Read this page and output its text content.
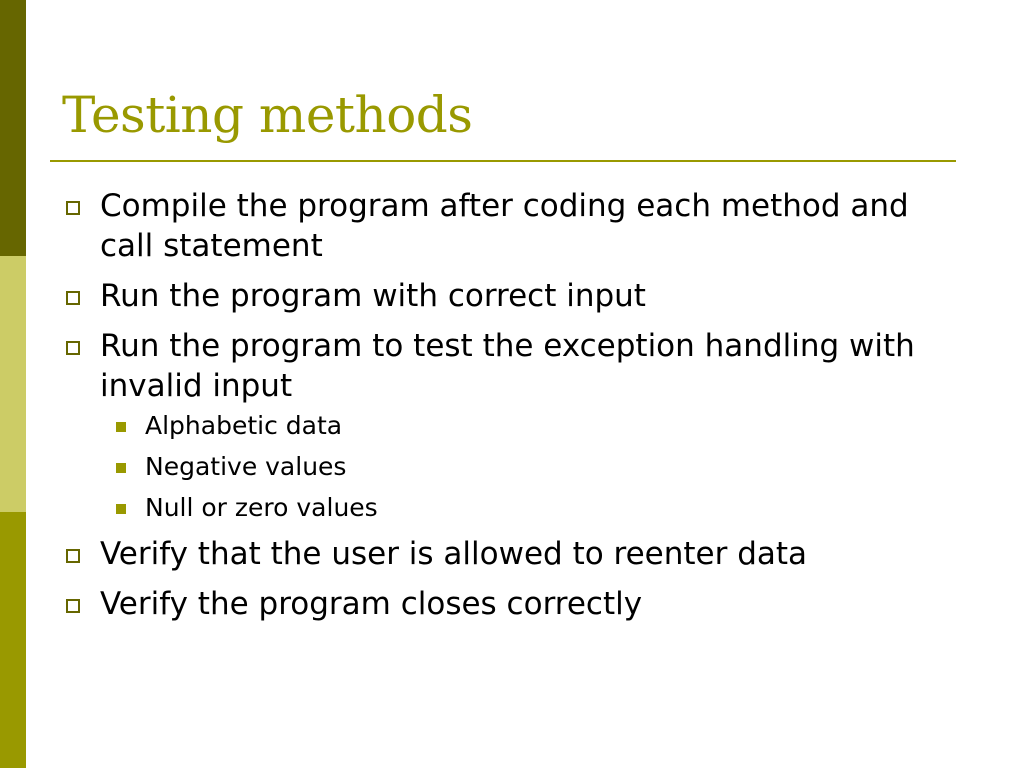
Testing methods
Compile the program after coding each method and call statement
Run the program with correct input
Run the program to test the exception handling with invalid input
Alphabetic data
Negative values
Null or zero values
Verify that the user is allowed to reenter data
Verify the program closes correctly
